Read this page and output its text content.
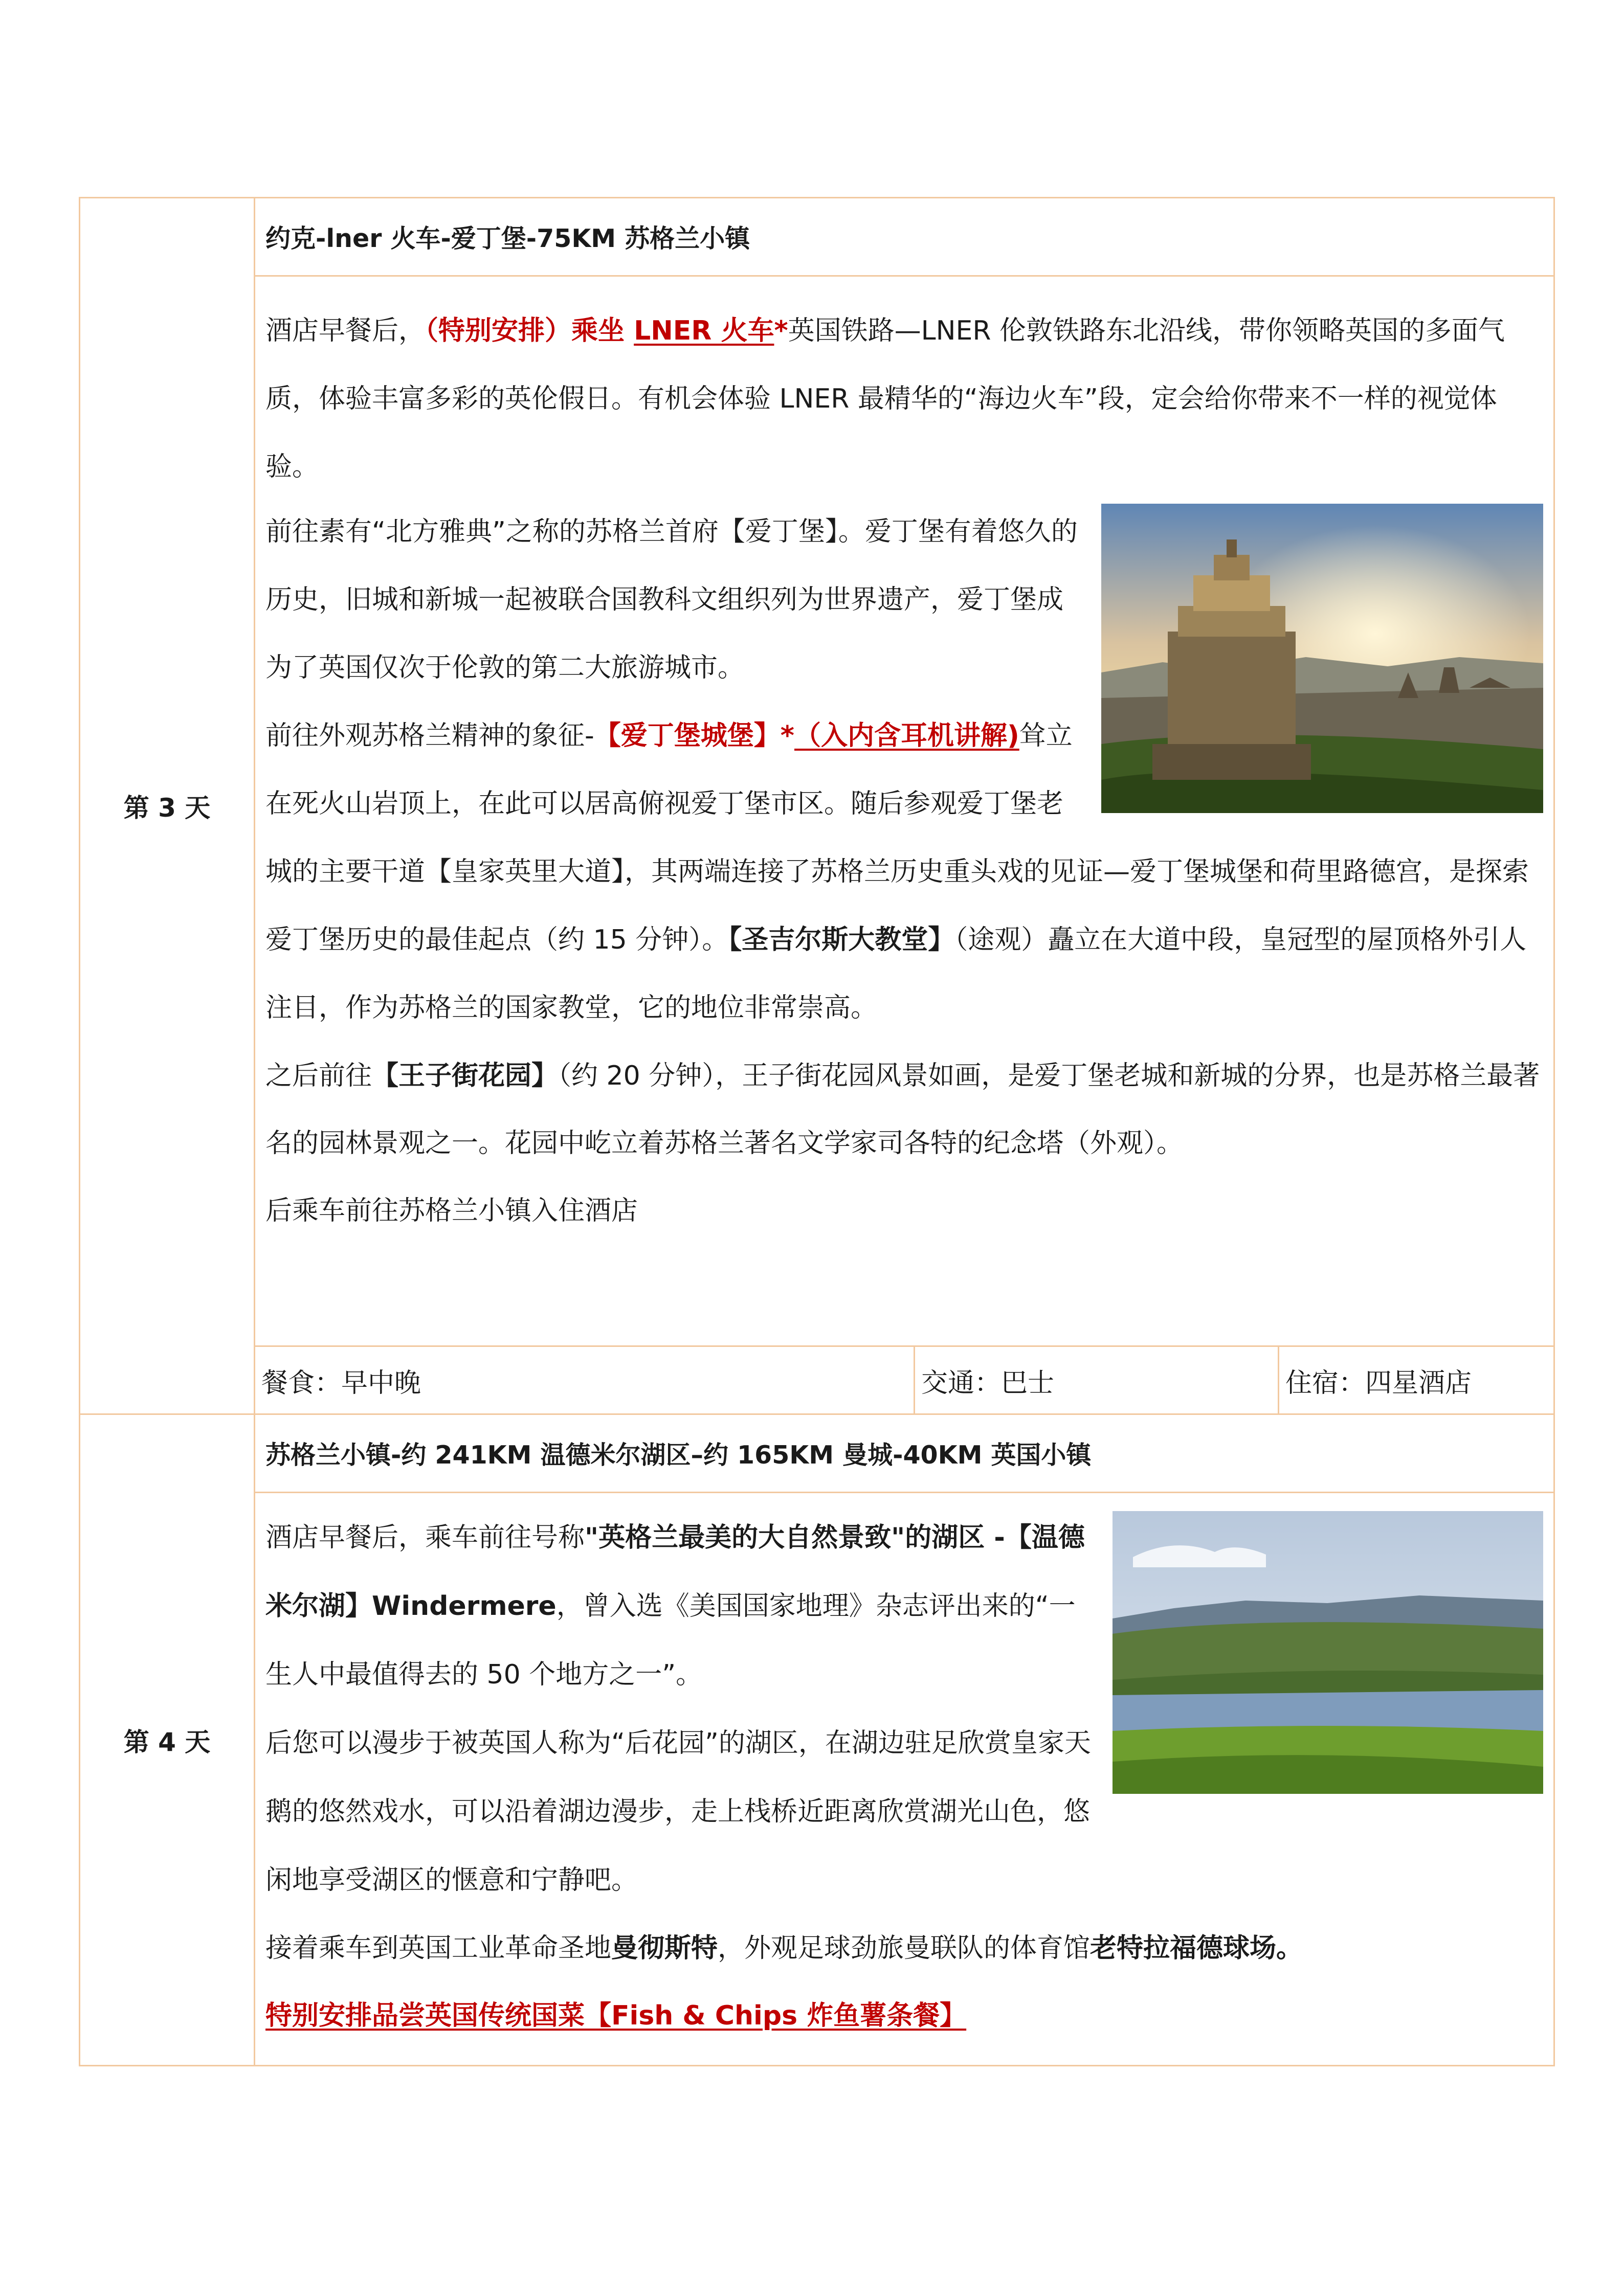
第 3 天	约克-lner 火车-爱丁堡-75KM 苏格兰小镇		

	酒店早餐后，（特别安排）乘坐 LNER 火车*英国铁路—LNER 伦敦铁路东北沿线，带你领略英国的多面气质，体验丰富多彩的英伦假日。有机会体验 LNER 最精华的“海边火车”段，定会给你带来不一样的视觉体验。

前往素有“北方雅典”之称的苏格兰首府【爱丁堡】。爱丁堡有着悠久的历史，旧城和新城一起被联合国教科文组织列为世界遗产，爱丁堡成为了英国仅次于伦敦的第二大旅游城市。

前往外观苏格兰精神的象征-【爱丁堡城堡】*（入内含耳机讲解)耸立在死火山岩顶上，在此可以居高俯视爱丁堡市区。随后参观爱丁堡老城的主要干道【皇家英里大道】，其两端连接了苏格兰历史重头戏的见证—爱丁堡城堡和荷里路德宫，是探索爱丁堡历史的最佳起点（约 15 分钟）。【圣吉尔斯大教堂】（途观）矗立在大道中段，皇冠型的屋顶格外引人注目，作为苏格兰的国家教堂，它的地位非常崇高。

之后前往【王子街花园】（约 20 分钟），王子街花园风景如画，是爱丁堡老城和新城的分界，也是苏格兰最著名的园林景观之一。花园中屹立着苏格兰著名文学家司各特的纪念塔（外观）。

后乘车前往苏格兰小镇入住酒店		

	餐食：早中晚	交通：巴士	住宿：四星酒店
第 4 天	苏格兰小镇-约 241KM 温德米尔湖区–约 165KM 曼城-40KM 英国小镇		

	酒店早餐后，乘车前往号称"英格兰最美的大自然景致"的湖区 -【温德米尔湖】Windermere，曾入选《美国国家地理》杂志评出来的“一生人中最值得去的 50 个地方之一”。

后您可以漫步于被英国人称为“后花园”的湖区，在湖边驻足欣赏皇家天鹅的悠然戏水，可以沿着湖边漫步，走上栈桥近距离欣赏湖光山色，悠闲地享受湖区的惬意和宁静吧。

接着乘车到英国工业革命圣地曼彻斯特，外观足球劲旅曼联队的体育馆老特拉福德球场。

特别安排品尝英国传统国菜【Fish & Chips 炸鱼薯条餐】		
